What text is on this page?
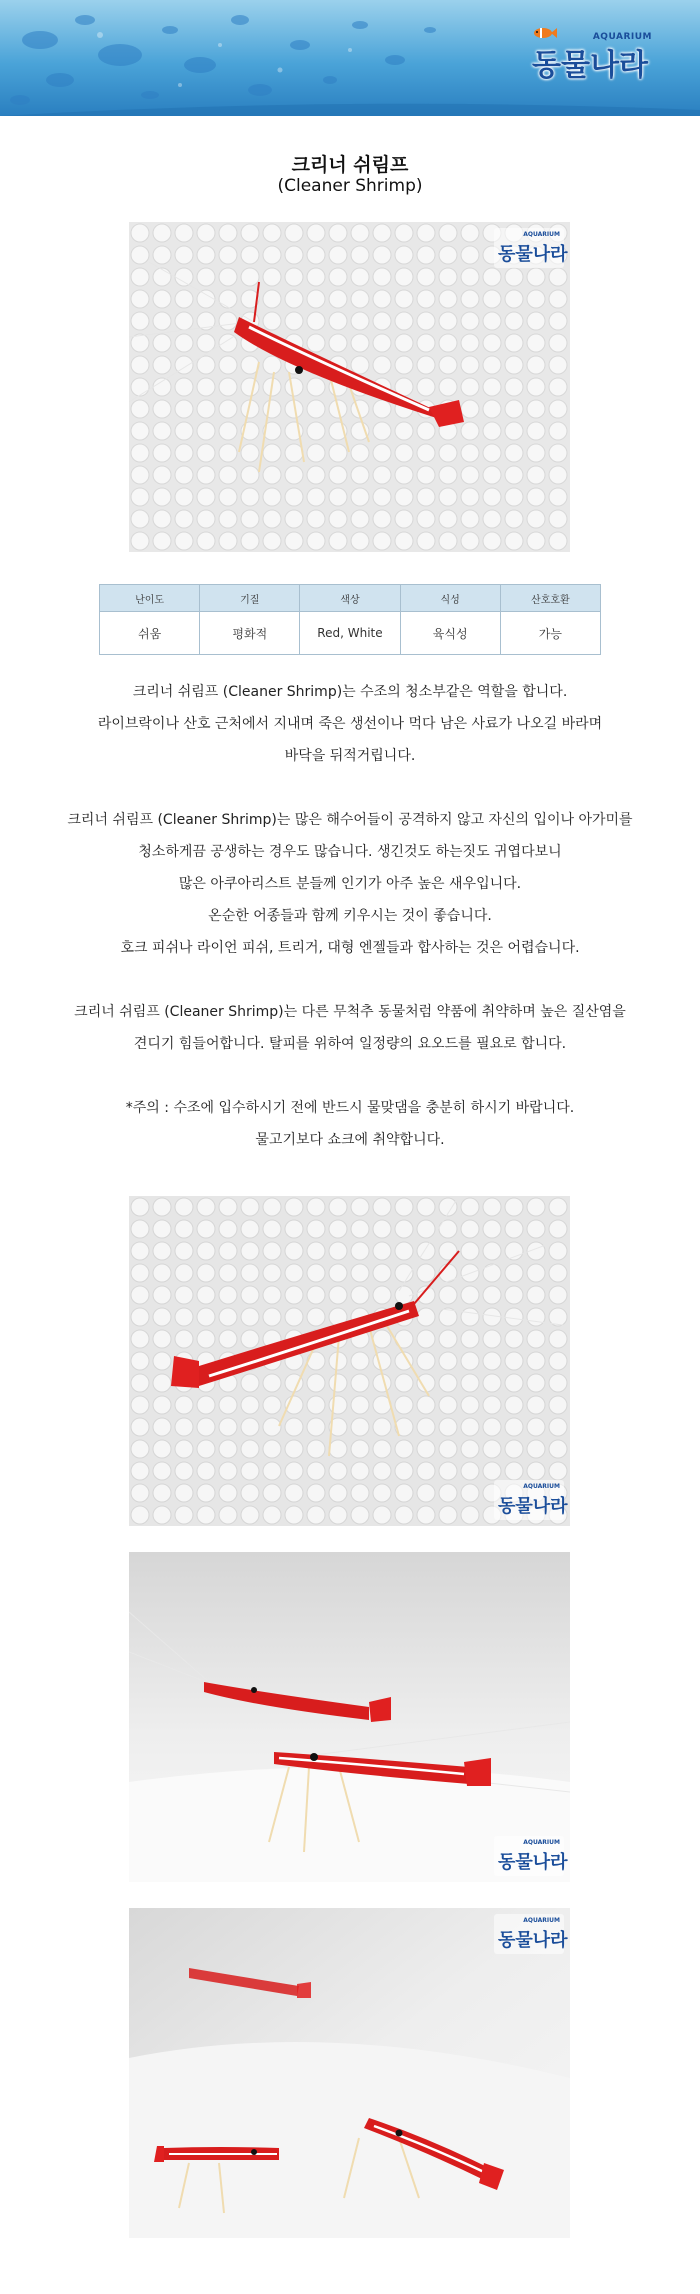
AQUARIUM
동물나라
크리너 쉬림프
(Cleaner Shrimp)
AQUARIUM
동물나라
난이도	기질	색상	식성	산호호환
쉬움	평화적	Red, White	육식성	가능

크리너 쉬림프 (Cleaner Shrimp)는 수조의 청소부같은 역할을 합니다.

라이브락이나 산호 근처에서 지내며 죽은 생선이나 먹다 남은 사료가 나오길 바라며

바닥을 뒤적거립니다.

크리너 쉬림프 (Cleaner Shrimp)는 많은 해수어들이 공격하지 않고 자신의 입이나 아가미를

청소하게끔 공생하는 경우도 많습니다. 생긴것도 하는짓도 귀엽다보니

많은 아쿠아리스트 분들께 인기가 아주 높은 새우입니다.

온순한 어종들과 함께 키우시는 것이 좋습니다.

호크 피쉬나 라이언 피쉬, 트리거, 대형 엔젤들과 합사하는 것은 어렵습니다.

크리너 쉬림프 (Cleaner Shrimp)는 다른 무척추 동물처럼 약품에 취약하며 높은 질산염을

견디기 힘들어합니다. 탈피를 위하여 일정량의 요오드를 필요로 합니다.

*주의 : 수조에 입수하시기 전에 반드시 물맞댐을 충분히 하시기 바랍니다.

물고기보다 쇼크에 취약합니다.

AQUARIUM
동물나라
AQUARIUM
동물나라
AQUARIUM
동물나라
